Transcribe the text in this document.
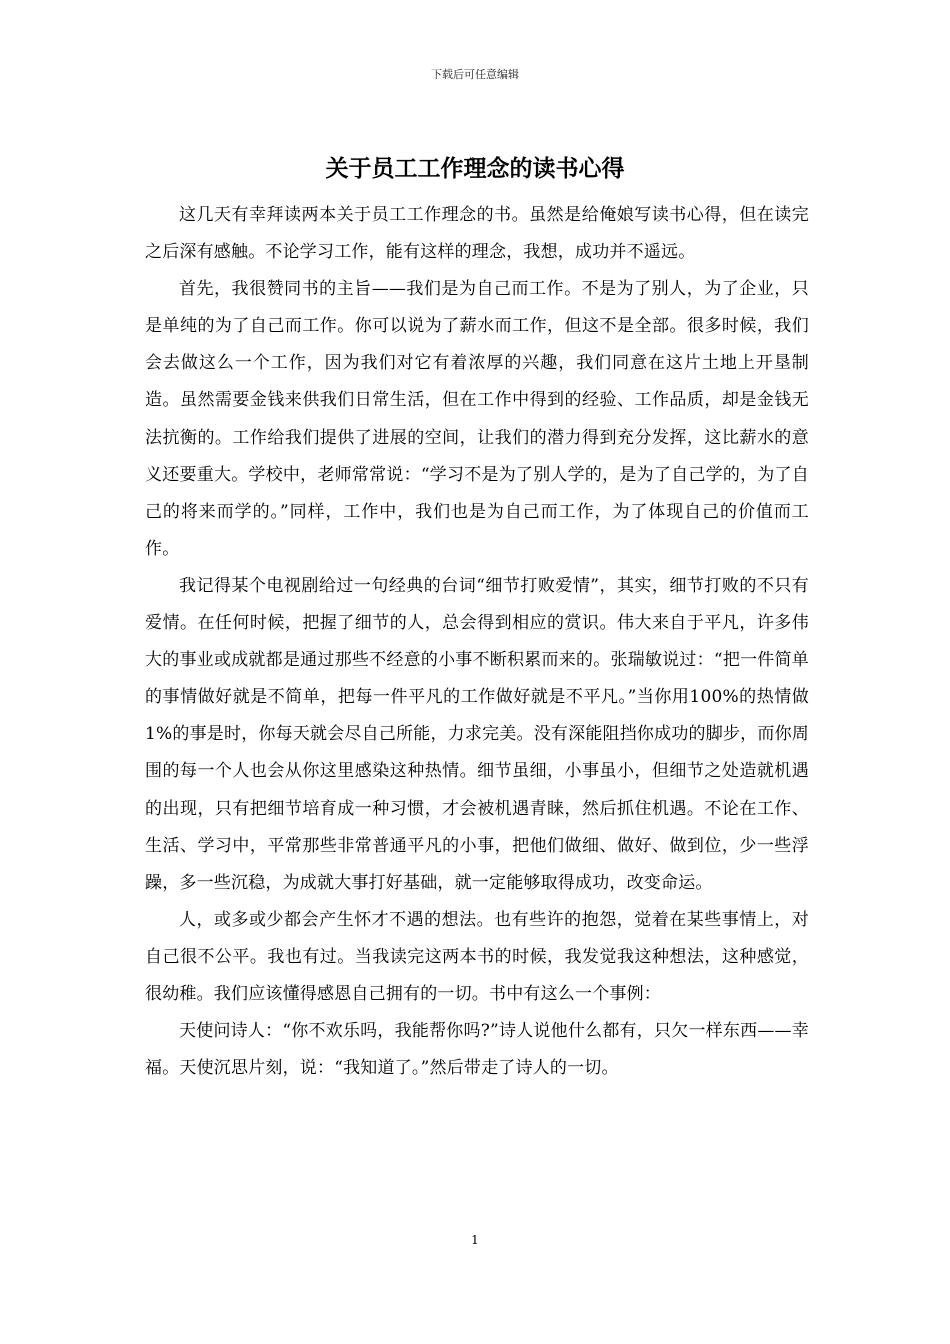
下载后可任意编辑
关于员工工作理念的读书心得

这几天有幸拜读两本关于员工工作理念的书。虽然是给俺娘写读书心得，但在读完之后深有感触。不论学习工作，能有这样的理念，我想，成功并不遥远。

首先，我很赞同书的主旨——我们是为自己而工作。不是为了别人，为了企业，只是单纯的为了自己而工作。你可以说为了薪水而工作，但这不是全部。很多时候，我们会去做这么一个工作，因为我们对它有着浓厚的兴趣，我们同意在这片土地上开垦制造。虽然需要金钱来供我们日常生活，但在工作中得到的经验、工作品质，却是金钱无法抗衡的。工作给我们提供了进展的空间，让我们的潜力得到充分发挥，这比薪水的意义还要重大。学校中，老师常常说：“学习不是为了别人学的，是为了自己学的，为了自己的将来而学的。”同样，工作中，我们也是为自己而工作，为了体现自己的价值而工作。

我记得某个电视剧给过一句经典的台词“细节打败爱情”，其实，细节打败的不只有爱情。在任何时候，把握了细节的人，总会得到相应的赏识。伟大来自于平凡，许多伟大的事业或成就都是通过那些不经意的小事不断积累而来的。张瑞敏说过：“把一件简单的事情做好就是不简单，把每一件平凡的工作做好就是不平凡。”当你用100%的热情做1%的事是时，你每天就会尽自己所能，力求完美。没有深能阻挡你成功的脚步，而你周围的每一个人也会从你这里感染这种热情。细节虽细，小事虽小，但细节之处造就机遇的出现，只有把细节培育成一种习惯，才会被机遇青睐，然后抓住机遇。不论在工作、生活、学习中，平常那些非常普通平凡的小事，把他们做细、做好、做到位，少一些浮躁，多一些沉稳，为成就大事打好基础，就一定能够取得成功，改变命运。

人，或多或少都会产生怀才不遇的想法。也有些许的抱怨，觉着在某些事情上，对自己很不公平。我也有过。当我读完这两本书的时候，我发觉我这种想法，这种感觉，很幼稚。我们应该懂得感恩自己拥有的一切。书中有这么一个事例：

天使问诗人：“你不欢乐吗，我能帮你吗?”诗人说他什么都有，只欠一样东西——幸福。天使沉思片刻，说：“我知道了。”然后带走了诗人的一切。

1
